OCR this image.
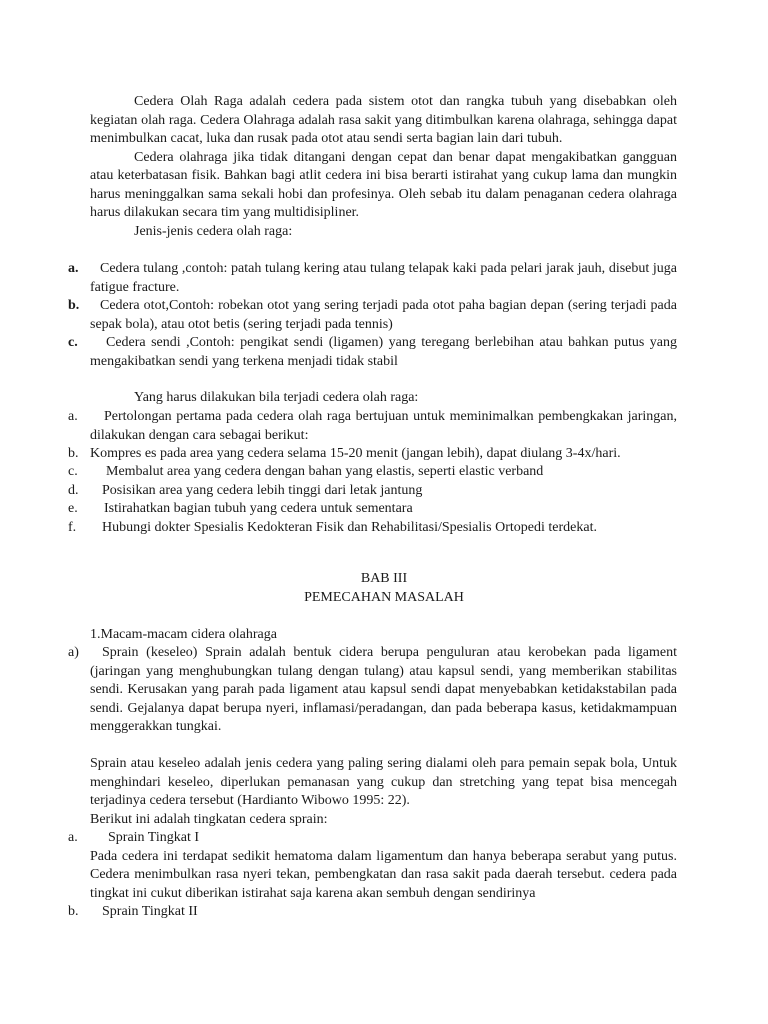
Cedera Olah Raga adalah cedera pada sistem otot dan rangka tubuh yang disebabkan oleh kegiatan olah raga. Cedera Olahraga adalah rasa sakit yang ditimbulkan karena olahraga, sehingga dapat menimbulkan cacat, luka dan rusak pada otot atau sendi serta bagian lain dari tubuh.

Cedera olahraga jika tidak ditangani dengan cepat dan benar dapat mengakibatkan gangguan atau keterbatasan fisik. Bahkan bagi atlit cedera ini bisa berarti istirahat yang cukup lama dan mungkin harus meninggalkan sama sekali hobi dan profesinya. Oleh sebab itu dalam penaganan cedera olahraga harus dilakukan secara tim yang multidisipliner.

Jenis-jenis cedera olah raga:

a.	Cedera tulang ,contoh: patah tulang kering atau tulang telapak kaki pada pelari jarak jauh, disebut juga fatigue fracture.

b.	Cedera otot,Contoh: robekan otot yang sering terjadi pada otot paha bagian depan (sering terjadi pada sepak bola), atau otot betis (sering terjadi pada tennis)

c.	Cedera sendi ,Contoh: pengikat sendi (ligamen) yang teregang berlebihan atau bahkan putus yang mengakibatkan sendi yang terkena menjadi tidak stabil

Yang harus dilakukan bila terjadi cedera olah raga:
a.	Pertolongan pertama pada cedera olah raga bertujuan untuk meminimalkan pembengkakan jaringan, dilakukan dengan cara sebagai berikut:

b. Kompres es pada area yang cedera selama 15-20 menit (jangan lebih), dapat diulang 3-4x/hari.

c.	Membalut area yang cedera dengan bahan yang elastis, seperti elastic verband

d.	Posisikan area yang cedera lebih tinggi dari letak jantung

e.	Istirahatkan bagian tubuh yang cedera untuk sementara

f.	Hubungi dokter Spesialis Kedokteran Fisik dan Rehabilitasi/Spesialis Ortopedi terdekat.

BAB III
PEMECAHAN MASALAH
1.Macam-macam cidera olahraga
a)	Sprain (keseleo) Sprain adalah bentuk cidera berupa penguluran atau kerobekan pada ligament (jaringan yang menghubungkan tulang dengan tulang) atau kapsul sendi, yang memberikan stabilitas sendi. Kerusakan yang parah pada ligament atau kapsul sendi dapat menyebabkan ketidakstabilan pada sendi. Gejalanya dapat berupa nyeri, inflamasi/peradangan, dan pada beberapa kasus, ketidakmampuan menggerakkan tungkai.

Sprain atau keseleo adalah jenis cedera yang paling sering dialami oleh para pemain sepak bola, Untuk menghindari keseleo, diperlukan pemanasan yang cukup dan stretching yang tepat bisa mencegah terjadinya cedera tersebut (Hardianto Wibowo 1995: 22).

Berikut ini adalah tingkatan cedera sprain:

a.	Sprain Tingkat I

Pada cedera ini terdapat sedikit hematoma dalam ligamentum dan hanya beberapa serabut yang putus. Cedera menimbulkan rasa nyeri tekan, pembengkatan dan rasa sakit pada daerah tersebut. cedera pada tingkat ini cukut diberikan istirahat saja karena akan sembuh dengan sendirinya

b.	Sprain Tingkat II
